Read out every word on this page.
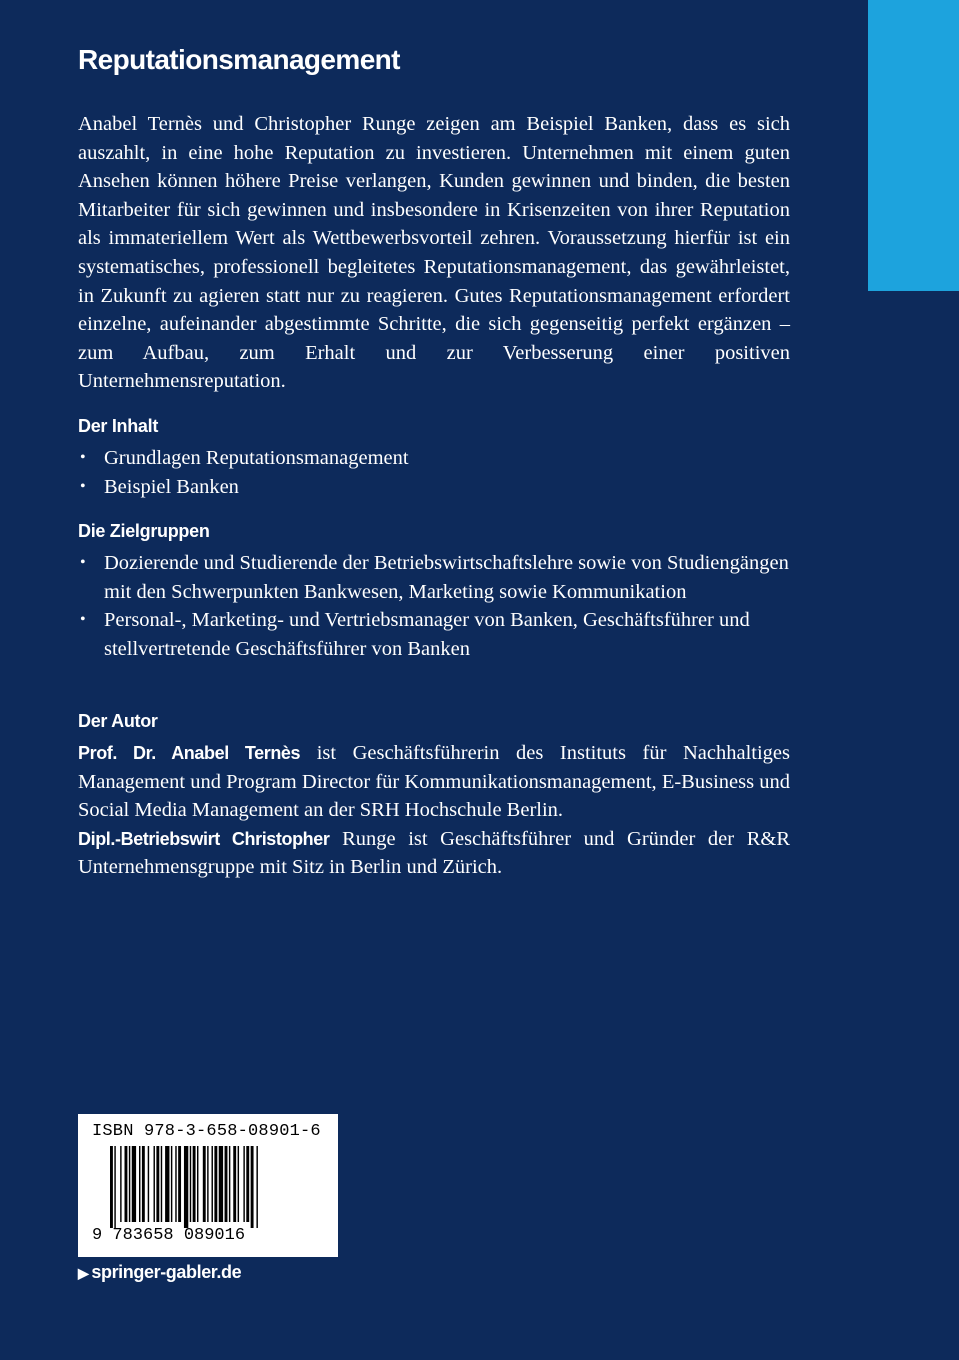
Reputationsmanagement

Anabel Ternès und Christopher Runge zeigen am Beispiel Banken, dass es sich auszahlt, in eine hohe Reputation zu investieren. Unternehmen mit einem guten Ansehen können höhere Preise verlangen, Kunden gewinnen und binden, die besten Mitarbeiter für sich gewinnen und insbesondere in Krisenzeiten von ihrer Reputation als immateriellem Wert als Wettbewerbsvorteil zehren. Voraussetzung hierfür ist ein systematisches, professionell begleitetes Reputationsmanagement, das gewährleistet, in Zukunft zu agieren statt nur zu reagieren. Gutes Reputationsmanagement erfordert einzelne, aufeinander abgestimmte Schritte, die sich gegenseitig perfekt ergänzen – zum Aufbau, zum Erhalt und zur Verbesserung einer positiven Unternehmensreputation.

Der Inhalt
• Grundlagen Reputationsmanagement
• Beispiel Banken
Die Zielgruppen
• Dozierende und Studierende der Betriebswirtschaftslehre sowie von Studiengängen mit den Schwerpunkten Bankwesen, Marketing sowie Kommunikation
• Personal-, Marketing- und Vertriebsmanager von Banken, Geschäftsführer und stellvertretende Geschäftsführer von Banken
Der Autor

Prof. Dr. Anabel Ternès ist Geschäftsführerin des Instituts für Nachhaltiges Management und Program Director für Kommunikationsmanagement, E-Business und Social Media Management an der SRH Hochschule Berlin.
Dipl.-Betriebswirt Christopher Runge ist Geschäftsführer und Gründer der R&R Unternehmensgruppe mit Sitz in Berlin und Zürich.

ISBN 978-3-658-08901-6
9 783658 089016
▶ springer-gabler.de
